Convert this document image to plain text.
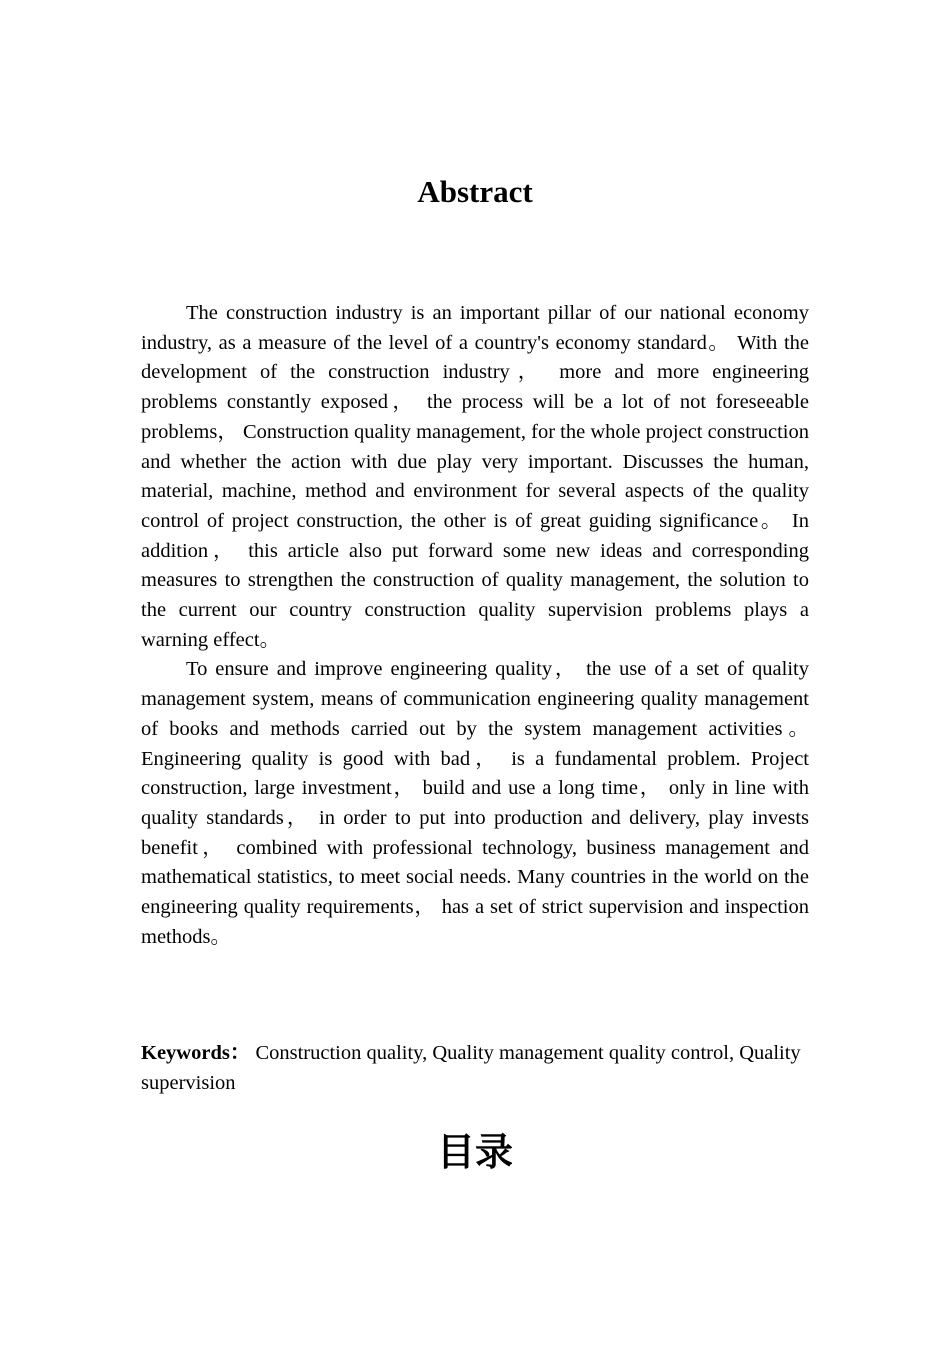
Abstract

The construction industry is an important pillar of our national economy industry, as a measure of the level of a country's economy standard。 With the development of the construction industry， more and more engineering problems constantly exposed， the process will be a lot of not foreseeable problems， Construction quality management, for the whole project construction and whether the action with due play very important. Discusses the human, material, machine, method and environment for several aspects of the quality control of project construction, the other is of great guiding significance。 In addition， this article also put forward some new ideas and corresponding measures to strengthen the construction of quality management, the solution to the current our country construction quality supervision problems plays a warning effect。

To ensure and improve engineering quality， the use of a set of quality management system, means of communication engineering quality management of books and methods carried out by the system management activities。 Engineering quality is good with bad， is a fundamental problem. Project construction, large investment， build and use a long time， only in line with quality standards， in order to put into production and delivery, play invests benefit， combined with professional technology, business management and mathematical statistics, to meet social needs. Many countries in the world on the engineering quality requirements， has a set of strict supervision and inspection methods。

Keywords： Construction quality, Quality management quality control, Quality supervision

目录
